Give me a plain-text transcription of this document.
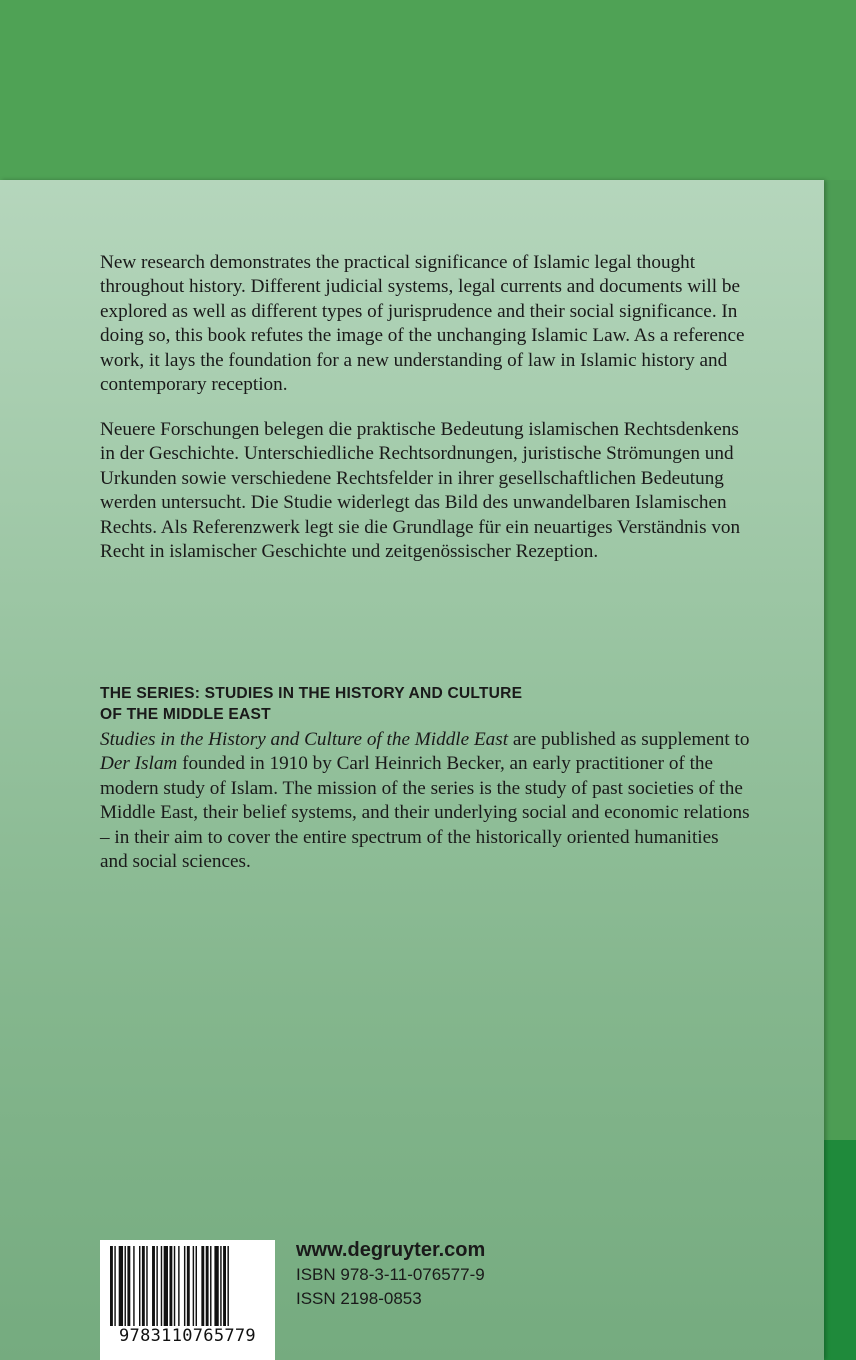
New research demonstrates the practical significance of Islamic legal thought throughout history. Different judicial systems, legal currents and documents will be explored as well as different types of jurisprudence and their social significance. In doing so, this book refutes the image of the unchanging Islamic Law. As a reference work, it lays the foundation for a new understanding of law in Islamic history and contemporary reception.

Neuere Forschungen belegen die praktische Bedeutung islamischen Rechtsdenkens in der Geschichte. Unterschiedliche Rechtsordnungen, juristische Strömungen und Urkunden sowie verschiedene Rechtsfelder in ihrer gesellschaftlichen Bedeutung werden untersucht. Die Studie widerlegt das Bild des unwandelbaren Islamischen Rechts. Als Referenzwerk legt sie die Grundlage für ein neuartiges Verständnis von Recht in islamischer Geschichte und zeitgenössischer Rezeption.

THE SERIES: STUDIES IN THE HISTORY AND CULTURE
OF THE MIDDLE EAST

Studies in the History and Culture of the Middle East are published as supplement to Der Islam founded in 1910 by Carl Heinrich Becker, an early practitioner of the modern study of Islam. The mission of the series is the study of past societies of the Middle East, their belief systems, and their underlying social and economic relations – in their aim to cover the entire spectrum of the historically oriented humanities and social sciences.

9783110765779
www.degruyter.com
ISBN 978-3-11-076577-9
ISSN 2198-0853
